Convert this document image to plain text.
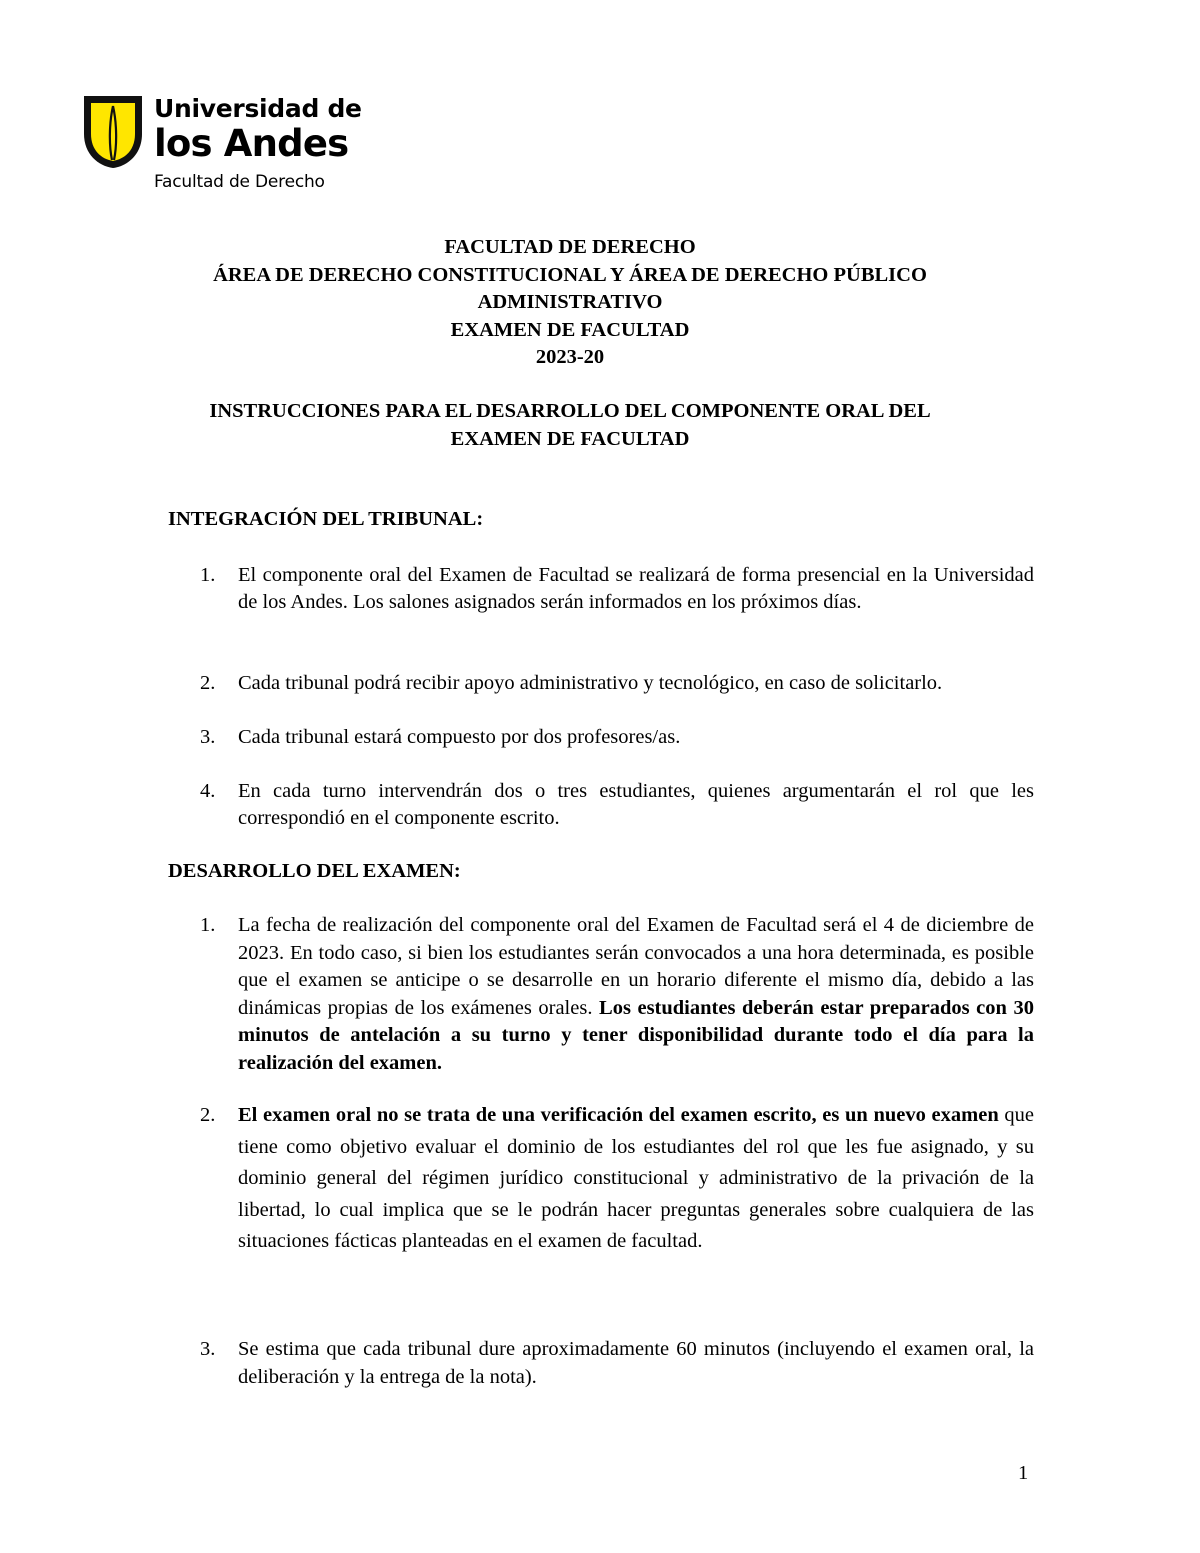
Universidad de
los Andes
Facultad de Derecho
FACULTAD DE DERECHO
ÁREA DE DERECHO CONSTITUCIONAL Y ÁREA DE DERECHO PÚBLICO
ADMINISTRATIVO
EXAMEN DE FACULTAD
2023-20
INSTRUCCIONES PARA EL DESARROLLO DEL COMPONENTE ORAL DEL
EXAMEN DE FACULTAD
INTEGRACIÓN DEL TRIBUNAL:
1. El componente oral del Examen de Facultad se realizará de forma presencial en la Universidad de los Andes. Los salones asignados serán informados en los próximos días.
2. Cada tribunal podrá recibir apoyo administrativo y tecnológico, en caso de solicitarlo.
3. Cada tribunal estará compuesto por dos profesores/as.
4. En cada turno intervendrán dos o tres estudiantes, quienes argumentarán el rol que les correspondió en el componente escrito.
DESARROLLO DEL EXAMEN:
1. La fecha de realización del componente oral del Examen de Facultad será el 4 de diciembre de 2023. En todo caso, si bien los estudiantes serán convocados a una hora determinada, es posible que el examen se anticipe o se desarrolle en un horario diferente el mismo día, debido a las dinámicas propias de los exámenes orales. Los estudiantes deberán estar preparados con 30 minutos de antelación a su turno y tener disponibilidad durante todo el día para la realización del examen.
2. El examen oral no se trata de una verificación del examen escrito, es un nuevo examen que tiene como objetivo evaluar el dominio de los estudiantes del rol que les fue asignado, y su dominio general del régimen jurídico constitucional y administrativo de la privación de la libertad, lo cual implica que se le podrán hacer preguntas generales sobre cualquiera de las situaciones fácticas planteadas en el examen de facultad.
3. Se estima que cada tribunal dure aproximadamente 60 minutos (incluyendo el examen oral, la deliberación y la entrega de la nota).
1
